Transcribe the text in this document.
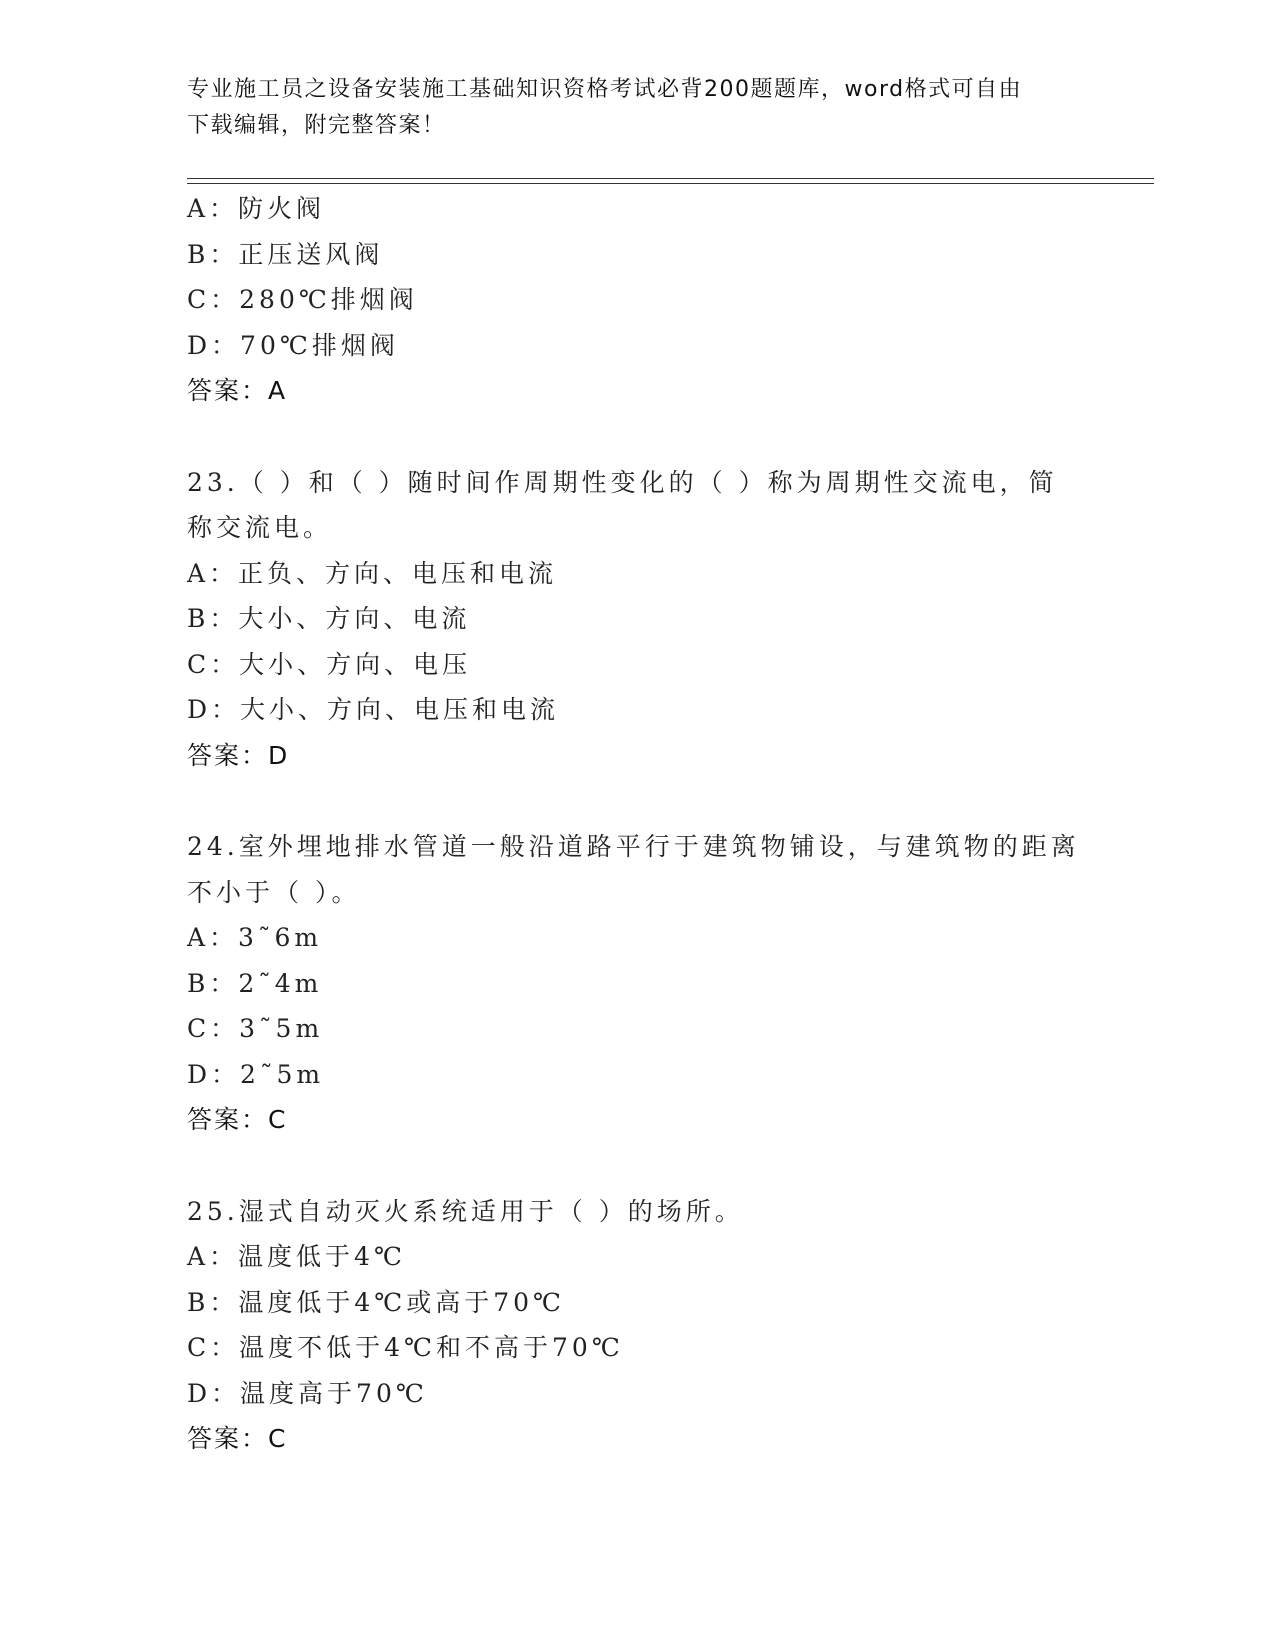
专业施工员之设备安装施工基础知识资格考试必背200题题库，word格式可自由
下载编辑，附完整答案！
A：防火阀
B：正压送风阀
C：280℃排烟阀
D：70℃排烟阀
答案：A
23.（ ）和（ ）随时间作周期性变化的（ ）称为周期性交流电，简
称交流电。
A：正负、方向、电压和电流
B：大小、方向、电流
C：大小、方向、电压
D：大小、方向、电压和电流
答案：D
24.室外埋地排水管道一般沿道路平行于建筑物铺设，与建筑物的距离
不小于（ ）。
A：3˜6m
B：2˜4m
C：3˜5m
D：2˜5m
答案：C
25.湿式自动灭火系统适用于（ ）的场所。
A：温度低于4℃
B：温度低于4℃或高于70℃
C：温度不低于4℃和不高于70℃
D：温度高于70℃
答案：C
